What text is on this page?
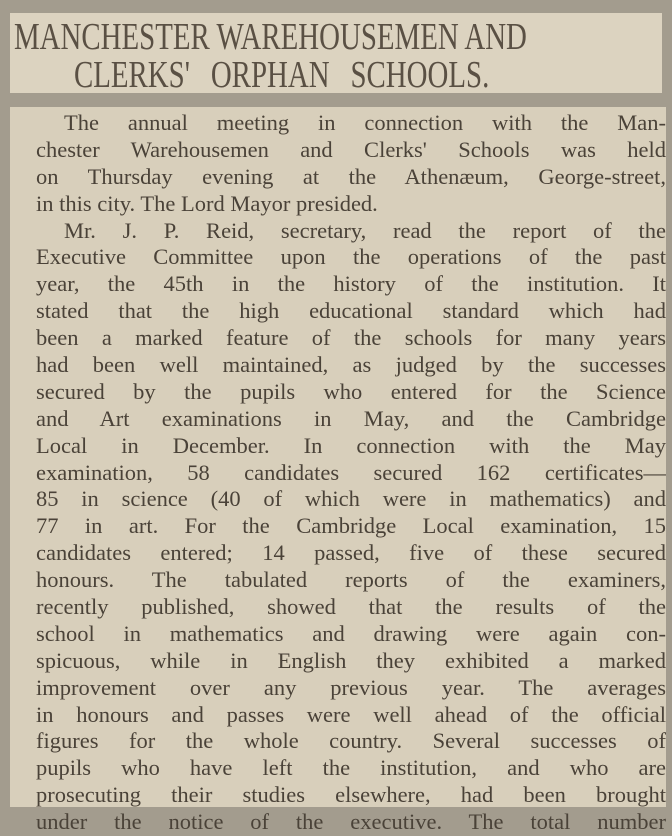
MANCHESTER WAREHOUSEMEN AND
CLERKS' ORPHAN SCHOOLS.
The annual meeting in connection with the Man-
chester Warehousemen and Clerks' Schools was held
on Thursday evening at the Athenæum, George-street,
in this city. The Lord Mayor presided.
Mr. J. P. Reid, secretary, read the report of the
Executive Committee upon the operations of the past
year, the 45th in the history of the institution. It
stated that the high educational standard which had
been a marked feature of the schools for many years
had been well maintained, as judged by the successes
secured by the pupils who entered for the Science
and Art examinations in May, and the Cambridge
Local in December. In connection with the May
examination, 58 candidates secured 162 certificates—
85 in science (40 of which were in mathematics) and
77 in art. For the Cambridge Local examination, 15
candidates entered; 14 passed, five of these secured
honours. The tabulated reports of the examiners,
recently published, showed that the results of the
school in mathematics and drawing were again con-
spicuous, while in English they exhibited a marked
improvement over any previous year. The averages
in honours and passes were well ahead of the official
figures for the whole country. Several successes of
pupils who have left the institution, and who are
prosecuting their studies elsewhere, had been brought
under the notice of the executive. The total number
